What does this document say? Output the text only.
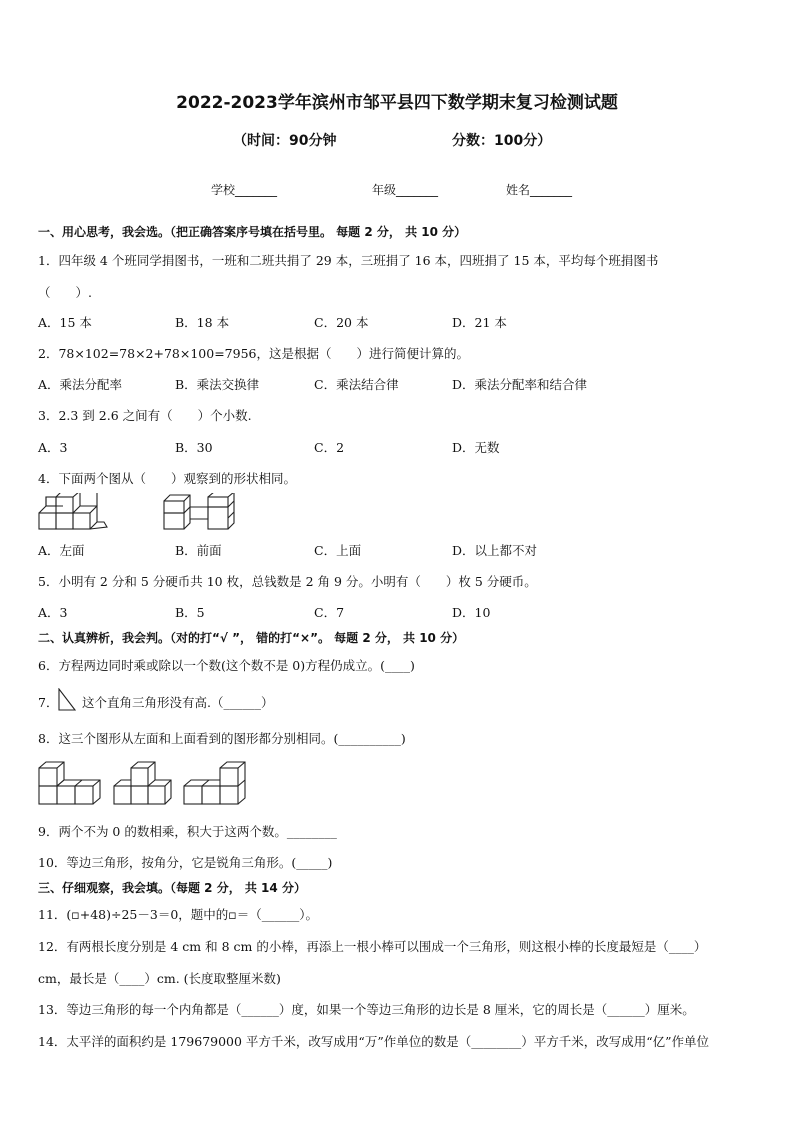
2022-2023学年滨州市邹平县四下数学期末复习检测试题
（时间：90分钟	分数：100分）
学校_______	年级_______	姓名_______
一、用心思考，我会选。（把正确答案序号填在括号里。 每题 2 分， 共 10 分）
1．四年级 4 个班同学捐图书，一班和二班共捐了 29 本，三班捐了 16 本，四班捐了 15 本，平均每个班捐图书
（　　）.
A．15 本	B．18 本	C．20 本	D．21 本
2．78×102=78×2+78×100=7956，这是根据（　　）进行简便计算的。
A．乘法分配率	B．乘法交换律	C．乘法结合律	D．乘法分配率和结合律
3．2.3 到 2.6 之间有（　　）个小数.
A．3	B．30	C．2	D．无数
4．下面两个图从（　　）观察到的形状相同。
A．左面	B．前面	C．上面	D．以上都不对
5．小明有 2 分和 5 分硬币共 10 枚，总钱数是 2 角 9 分。小明有（　　）枚 5 分硬币。
A．3	B．5	C．7	D．10
二、认真辨析，我会判。（对的打“√ ”， 错的打“×”。 每题 2 分， 共 10 分）
6．方程两边同时乘或除以一个数(这个数不是 0)方程仍成立。(____)
7． 这个直角三角形没有高.（______）
8．这三个图形从左面和上面看到的图形都分别相同。(__________)
9．两个不为 0 的数相乘，积大于这两个数。________
10．等边三角形，按角分，它是锐角三角形。(_____)
三、仔细观察，我会填。（每题 2 分， 共 14 分）
11．(▫+48)÷25－3＝0，题中的▫＝（______）。
12．有两根长度分别是 4 cm 和 8 cm 的小棒，再添上一根小棒可以围成一个三角形，则这根小棒的长度最短是（____）
cm，最长是（____）cm. (长度取整厘米数)
13．等边三角形的每一个内角都是（______）度，如果一个等边三角形的边长是 8 厘米，它的周长是（______）厘米。
14．太平洋的面积约是 179679000 平方千米，改写成用“万”作单位的数是（________）平方千米，改写成用“亿”作单位
